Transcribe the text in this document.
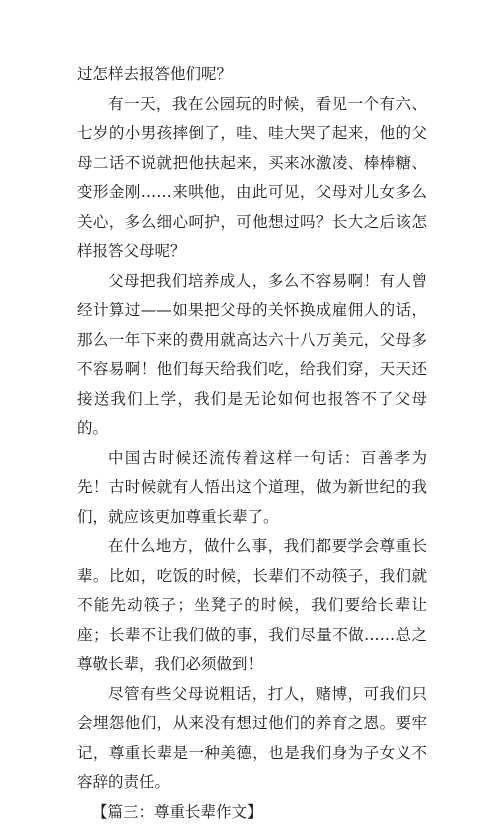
过怎样去报答他们呢？

有一天，我在公园玩的时候，看见一个有六、七岁的小男孩摔倒了，哇、哇大哭了起来，他的父母二话不说就把他扶起来，买来冰激凌、棒棒糖、变形金刚……来哄他，由此可见，父母对儿女多么关心，多么细心呵护，可他想过吗？长大之后该怎样报答父母呢？

父母把我们培养成人，多么不容易啊！有人曾经计算过——如果把父母的关怀换成雇佣人的话，那么一年下来的费用就高达六十八万美元，父母多不容易啊！他们每天给我们吃，给我们穿，天天还接送我们上学，我们是无论如何也报答不了父母的。

中国古时候还流传着这样一句话：百善孝为先！古时候就有人悟出这个道理，做为新世纪的我们，就应该更加尊重长辈了。

在什么地方，做什么事，我们都要学会尊重长辈。比如，吃饭的时候，长辈们不动筷子，我们就不能先动筷子；坐凳子的时候，我们要给长辈让座；长辈不让我们做的事，我们尽量不做……总之尊敬长辈，我们必须做到！

尽管有些父母说粗话，打人，赌博，可我们只会埋怨他们，从来没有想过他们的养育之恩。要牢记，尊重长辈是一种美德，也是我们身为子女义不容辞的责任。

【篇三：尊重长辈作文】
